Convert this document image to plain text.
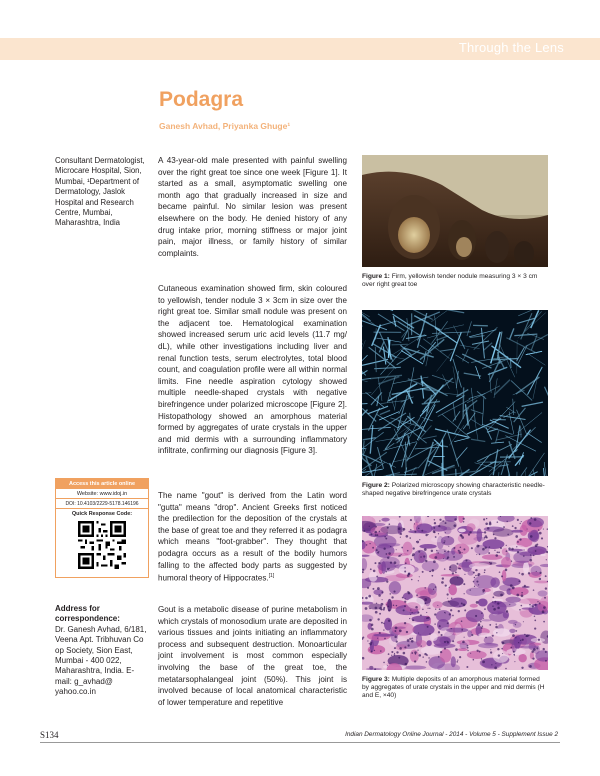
Through the Lens
Podagra
Ganesh Avhad, Priyanka Ghuge¹
Consultant Dermatologist, Microcare Hospital, Sion, Mumbai, ¹Department of Dermatology, Jaslok Hospital and Research Centre, Mumbai, Maharashtra, India
Access this article online
Website: www.idoj.in
DOI: 10.4103/2229-5178.146196
Quick Response Code:
Address for correspondence:
Dr. Ganesh Avhad, 6/181, Veena Apt. Tribhuvan Co op Society, Sion East, Mumbai - 400 022, Maharashtra, India. E-mail: g_avhad@ yahoo.co.in
A 43-year-old male presented with painful swelling over the right great toe since one week [Figure 1]. It started as a small, asymptomatic swelling one month ago that gradually increased in size and became painful. No similar lesion was present elsewhere on the body. He denied history of any drug intake prior, morning stiffness or major joint pain, major illness, or family history of similar complaints.
Cutaneous examination showed firm, skin coloured to yellowish, tender nodule 3 × 3cm in size over the right great toe. Similar small nodule was present on the adjacent toe. Hematological examination showed increased serum uric acid levels (11.7 mg/ dL), while other investigations including liver and renal function tests, serum electrolytes, total blood count, and coagulation profile were all within normal limits. Fine needle aspiration cytology showed multiple needle-shaped crystals with negative birefringence under polarized microscope [Figure 2]. Histopathology showed an amorphous material formed by aggregates of urate crystals in the upper and mid dermis with a surrounding inflammatory infiltrate, confirming our diagnosis [Figure 3].
The name "gout" is derived from the Latin word "gutta" means "drop". Ancient Greeks first noticed the predilection for the deposition of the crystals at the base of great toe and they referred it as podagra which means "foot-grabber". They thought that podagra occurs as a result of the bodily humors falling to the affected body parts as suggested by humoral theory of Hippocrates.[1]
Gout is a metabolic disease of purine metabolism in which crystals of monosodium urate are deposited in various tissues and joints initiating an inflammatory process and subsequent destruction. Monoarticular joint involvement is most common especially involving the base of the great toe, the metatarsophalangeal joint (50%). This joint is involved because of local anatomical characteristic of lower temperature and repetitive
Figure 1: Firm, yellowish tender nodule measuring 3 × 3 cm over right great toe
Figure 2: Polarized microscopy showing characteristic needle-shaped negative birefringence urate crystals
Figure 3: Multiple deposits of an amorphous material formed by aggregates of urate crystals in the upper and mid dermis (H and E, ×40)
S134	Indian Dermatology Online Journal - 2014 - Volume 5 - Supplement Issue 2
